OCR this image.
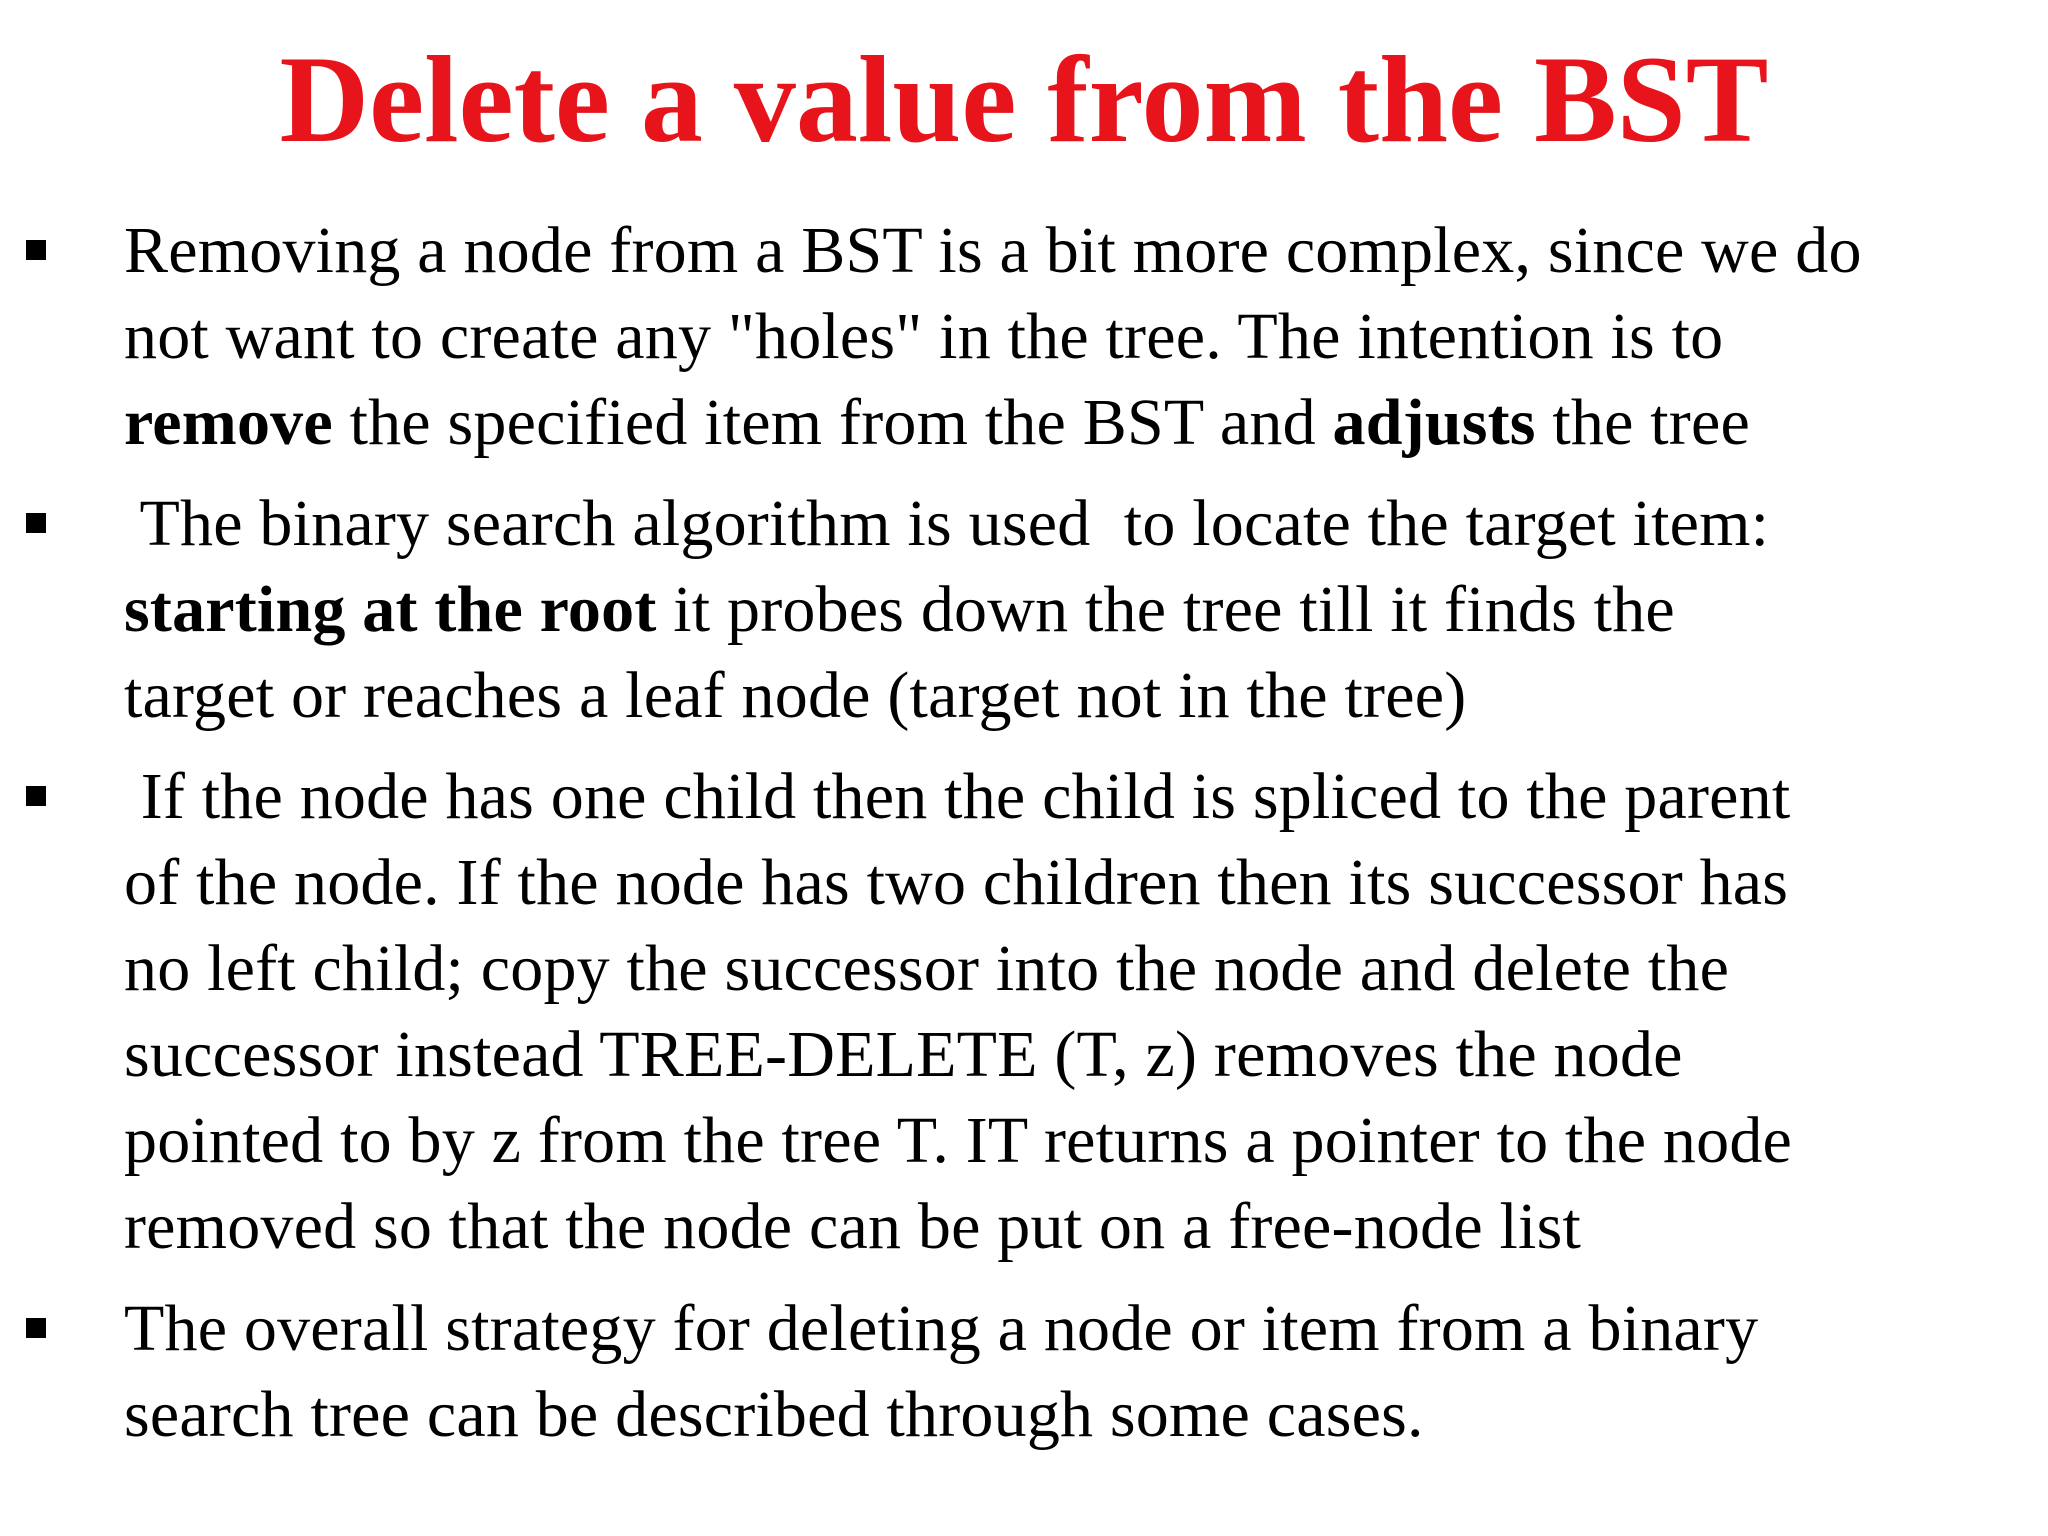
Delete a value from the BST
Removing a node from a BST is a bit more complex, since we do
not want to create any "holes" in the tree. The intention is to
remove the specified item from the BST and adjusts the tree
The binary search algorithm is used  to locate the target item:
starting at the root it probes down the tree till it finds the
target or reaches a leaf node (target not in the tree)
If the node has one child then the child is spliced to the parent
of the node. If the node has two children then its successor has
no left child; copy the successor into the node and delete the
successor instead TREE-DELETE (T, z) removes the node
pointed to by z from the tree T. IT returns a pointer to the node
removed so that the node can be put on a free-node list
The overall strategy for deleting a node or item from a binary
search tree can be described through some cases.
